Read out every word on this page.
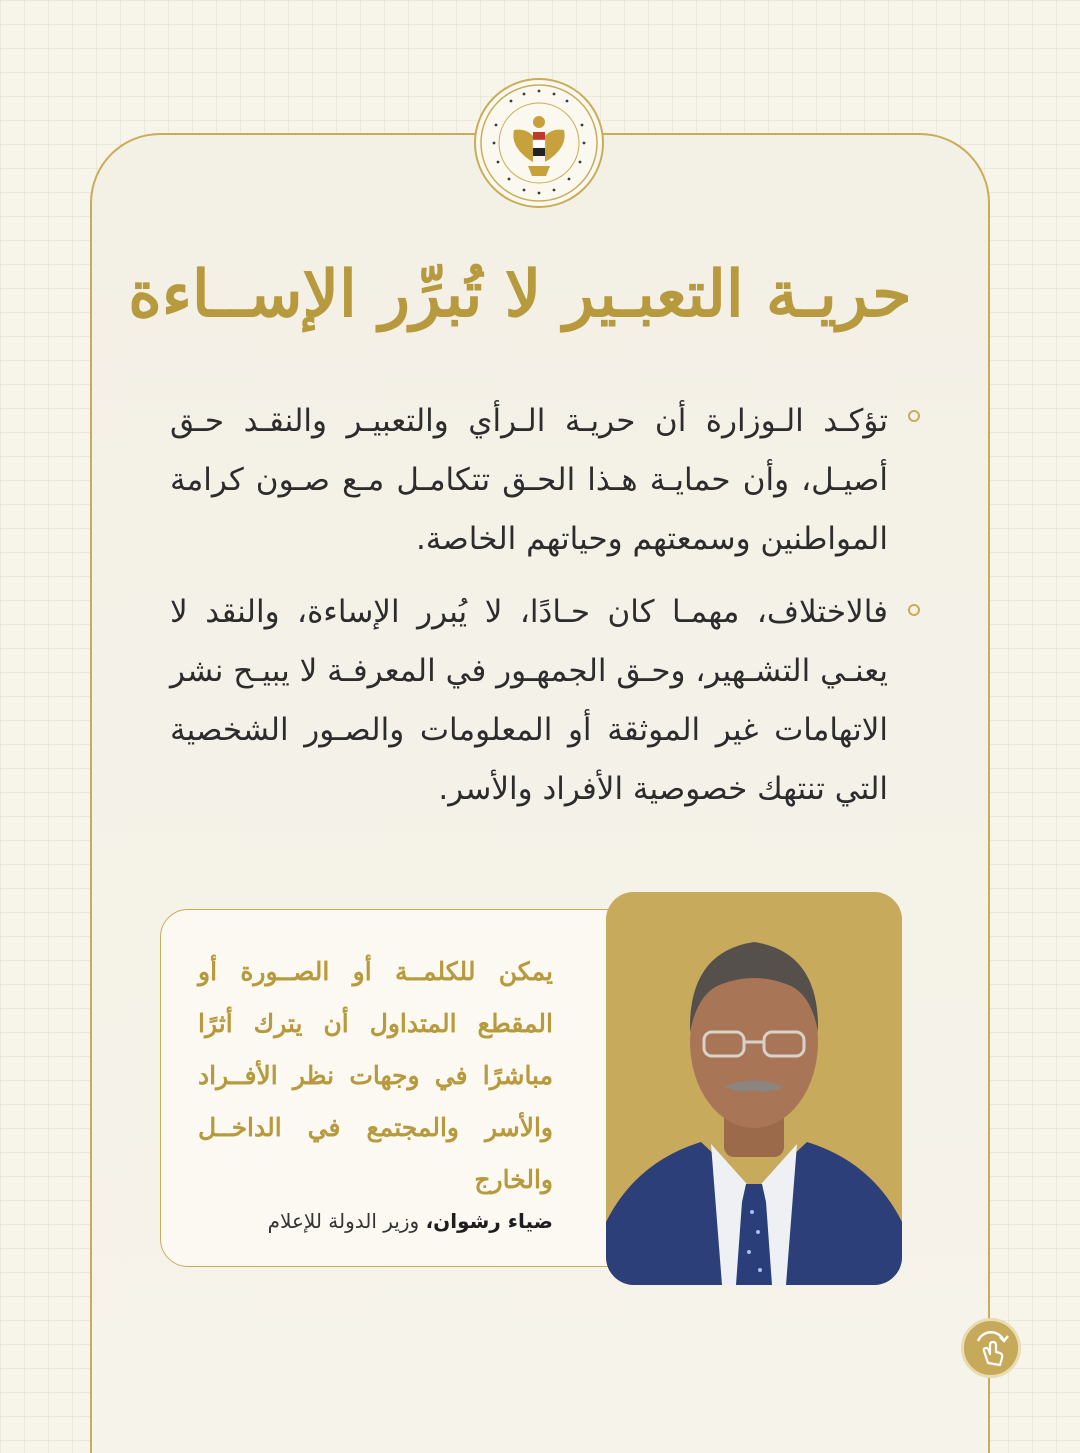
حريـة التعبـير لا تُبرِّر الإســاءة
تؤكـد الـوزارة أن حريـة الـرأي والتعبيـر والنقـد حـق أصيـل، وأن حمايـة هـذا الحـق تتكامـل مـع صـون كرامة المواطنين وسمعتهم وحياتهم الخاصة.
فالاختلاف، مهمـا كان حـادًا، لا يُبرر الإساءة، والنقد لا يعنـي التشـهير، وحـق الجمهـور في المعرفـة لا يبيـح نشر الاتهامات غير الموثقة أو المعلومات والصـور الشخصية التي تنتهك خصوصية الأفراد والأسر.
يمكن للكلمــة أو الصــورة أو المقطع المتداول أن يترك أثرًا مباشرًا في وجهات نظر الأفــراد والأسر والمجتمع في الداخــل والخارج
ضياء رشوان، وزير الدولة للإعلام
